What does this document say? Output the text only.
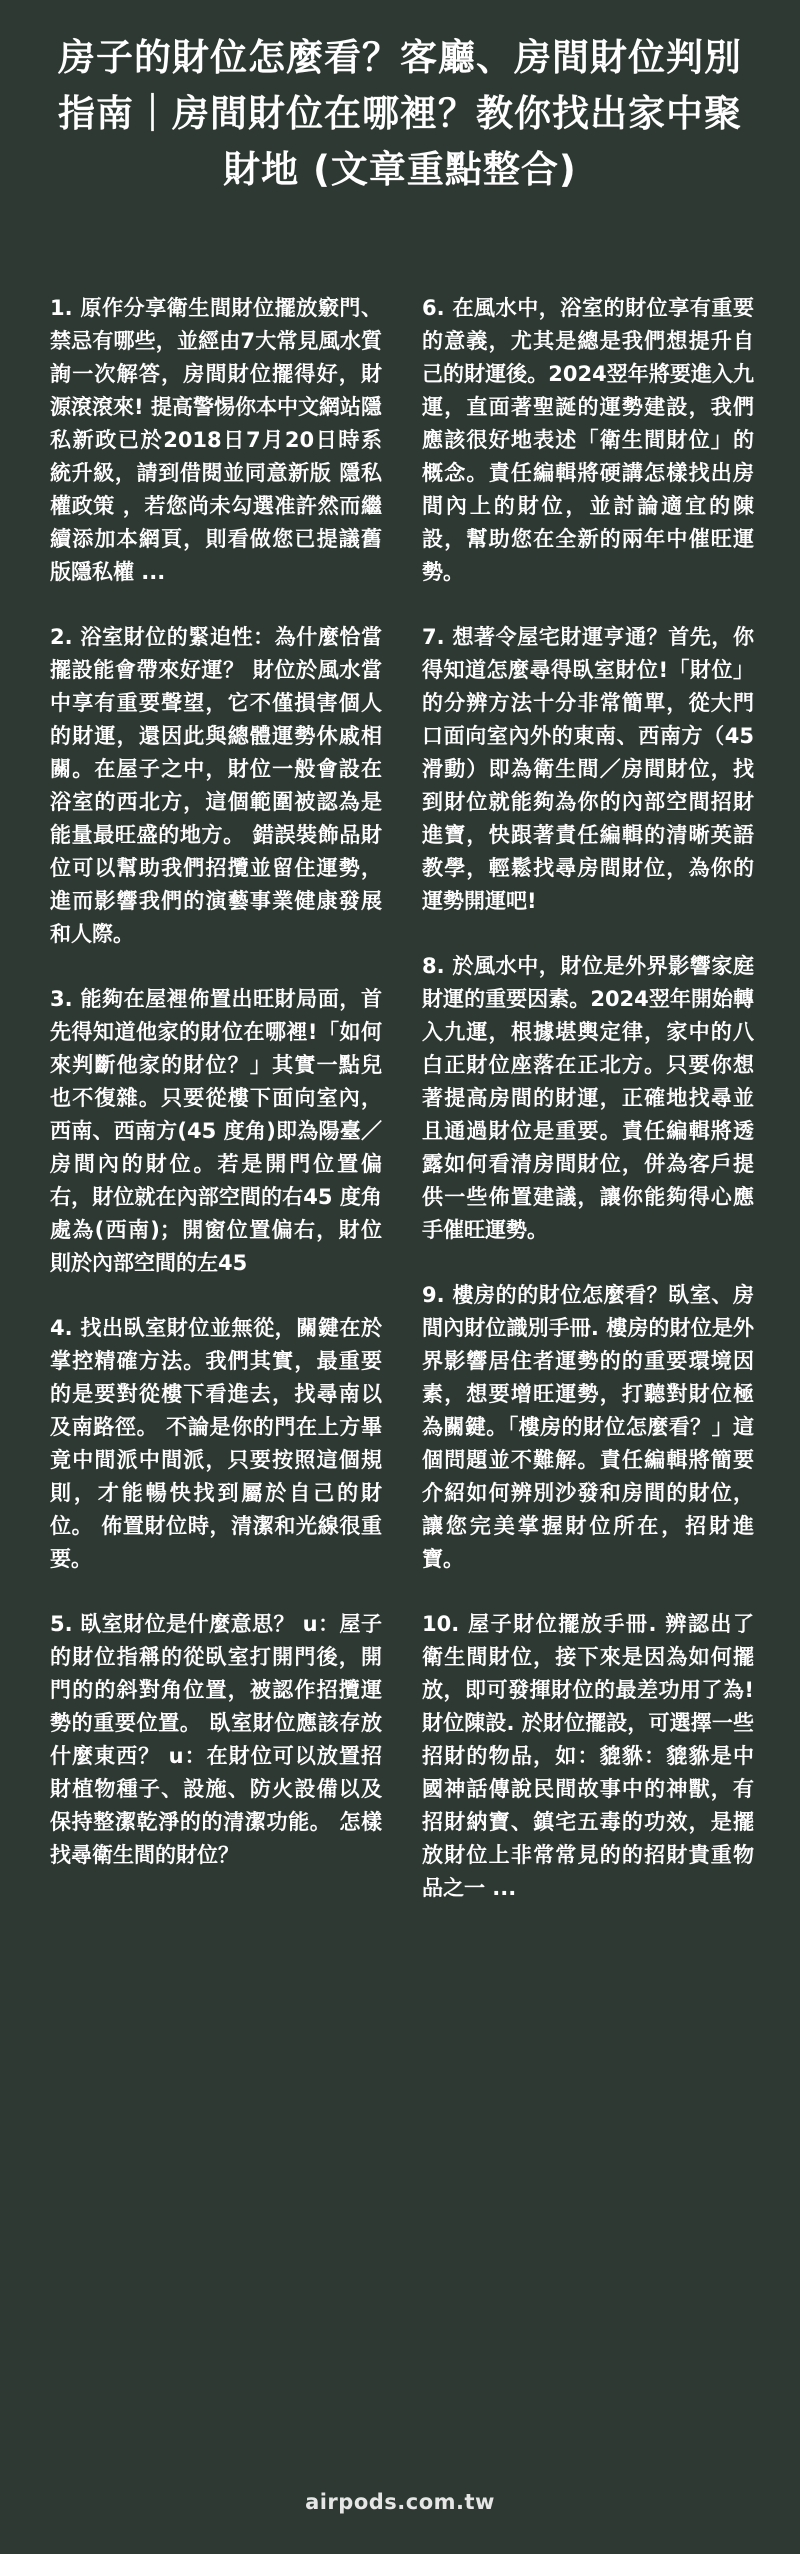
房子的財位怎麼看？客廳、房間財位判別指南｜房間財位在哪裡？教你找出家中聚財地 (文章重點整合)

1. 原作分享衛生間財位擺放竅門、禁忌有哪些，並經由7大常見風水質詢一次解答，房間財位擺得好，財源滾滾來! 提高警惕你本中文網站隱私新政已於2018日7月20日時系統升級，請到借閱並同意新版 隱私權政策 ，若您尚未勾選准許然而繼續添加本網頁，則看做您已提議舊版隱私權 ...

2. 浴室財位的緊迫性：為什麼恰當擺設能會帶來好運？ 財位於風水當中享有重要聲望，它不僅損害個人的財運，還因此與總體運勢休戚相關。在屋子之中，財位一般會設在浴室的西北方，這個範圍被認為是能量最旺盛的地方。 錯誤裝飾品財位可以幫助我們招攬並留住運勢，進而影響我們的演藝事業健康發展和人際。

3. 能夠在屋裡佈置出旺財局面，首先得知道他家的財位在哪裡!「如何來判斷他家的財位？」其實一點兒也不復雜。只要從樓下面向室內，西南、西南方(45 度角)即為陽臺／房間內的財位。若是開門位置偏右，財位就在內部空間的右45 度角處為(西南)；開窗位置偏右，財位則於內部空間的左45

4. 找出臥室財位並無從，關鍵在於掌控精確方法。我們其實，最重要的是要對從樓下看進去，找尋南以及南路徑。 不論是你的門在上方畢竟中間派中間派，只要按照這個規則，才能暢快找到屬於自己的財位。 佈置財位時，清潔和光線很重要。

5. 臥室財位是什麼意思？ u：屋子的財位指稱的從臥室打開門後，開門的的斜對角位置，被認作招攬運勢的重要位置。 臥室財位應該存放什麼東西？ u：在財位可以放置招財植物種子、設施、防火設備以及保持整潔乾淨的的清潔功能。 怎樣找尋衛生間的財位？

6. 在風水中，浴室的財位享有重要的意義，尤其是總是我們想提升自己的財運後。2024翌年將要進入九運，直面著聖誕的運勢建設，我們應該很好地表述「衛生間財位」的概念。責任編輯將硬講怎樣找出房間內上的財位，並討論適宜的陳設，幫助您在全新的兩年中催旺運勢。

7. 想著令屋宅財運亨通？首先，你得知道怎麼尋得臥室財位!「財位」的分辨方法十分非常簡單，從大門口面向室內外的東南、西南方（45 滑動）即為衛生間／房間財位，找到財位就能夠為你的內部空間招財進寶，快跟著責任編輯的清晰英語教學，輕鬆找尋房間財位，為你的運勢開運吧!

8. 於風水中，財位是外界影響家庭財運的重要因素。2024翌年開始轉入九運，根據堪輿定律，家中的八白正財位座落在正北方。只要你想著提高房間的財運，正確地找尋並且通過財位是重要。責任編輯將透露如何看清房間財位，併為客戶提供一些佈置建議，讓你能夠得心應手催旺運勢。

9. 樓房的的財位怎麼看？臥室、房間內財位識別手冊. 樓房的財位是外界影響居住者運勢的的重要環境因素，想要增旺運勢，打聽對財位極為關鍵。「樓房的財位怎麼看？」這個問題並不難解。責任編輯將簡要介紹如何辨別沙發和房間的財位，讓您完美掌握財位所在，招財進寶。

10. 屋子財位擺放手冊. 辨認出了衛生間財位，接下來是因為如何擺放，即可發揮財位的最差功用了為! 財位陳設. 於財位擺設，可選擇一些招財的物品，如：貔貅：貔貅是中國神話傳說民間故事中的神獸，有招財納寶、鎮宅五毒的功效，是擺放財位上非常常見的的招財貴重物品之一 ...

airpods.com.tw
